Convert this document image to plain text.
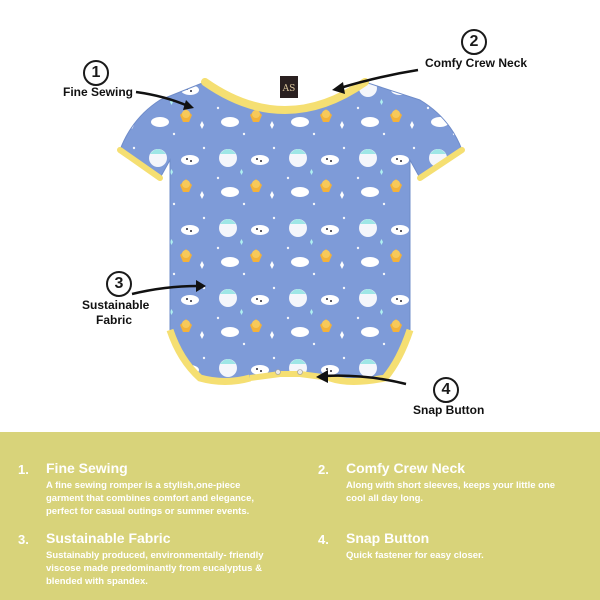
AS
1
Fine Sewing
2
Comfy Crew Neck
3
Sustainable
Fabric
4
Snap Button
1. Fine Sewing
A fine sewing romper is a stylish,one-piece
garment that combines comfort and elegance,
perfect for casual outings or summer events.
2. Comfy Crew Neck
Along with short sleeves, keeps your little one
cool all day long.
3. Sustainable Fabric
Sustainably produced, environmentally- friendly
viscose made predominantly from eucalyptus &
blended with spandex.
4. Snap Button
Quick fastener for easy closer.
